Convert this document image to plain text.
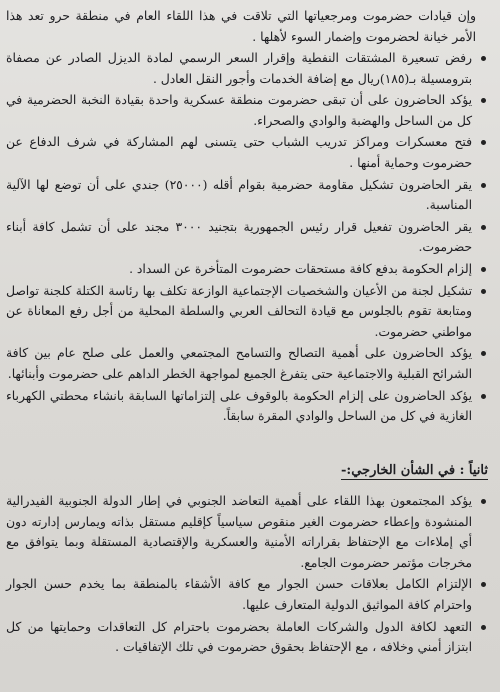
وإن قيادات حضرموت ومرجعياتها التي تلاقت في هذا اللقاء العام في منطقة حرو تعد هذا الأمر خيانة لحضرموت وإضمار السوء لأهلها .
رفض تسعيرة المشتقات النفطية وإقرار السعر الرسمي لمادة الديزل الصادر عن مصفاة بترومسيلة بـ(١٨٥)ريال مع إضافة الخدمات وأجور النقل العادل .
يؤكد الحاضرون على أن تبقى حضرموت منطقة عسكرية واحدة بقيادة النخبة الحضرمية في كل من الساحل والهضبة والوادي والصحراء.
فتح معسكرات ومراكز تدريب الشباب حتى يتسنى لهم المشاركة في شرف الدفاع عن حضرموت وحماية أمنها .
يقر الحاضرون تشكيل مقاومة حضرمية بقوام أقله (٢٥٠٠٠) جندي على أن توضع لها الآلية المناسبة.
يقر الحاضرون تفعيل قرار رئيس الجمهورية بتجنيد ٣٠٠٠ مجند على أن تشمل كافة أبناء حضرموت.
إلزام الحكومة بدفع كافة مستحقات حضرموت المتأخرة عن السداد .
تشكيل لجنة من الأعيان والشخصيات الإجتماعية الوازعة تكلف بها رئاسة الكتلة كلجنة تواصل ومتابعة تقوم بالجلوس مع قيادة التحالف العربي والسلطة المحلية من أجل رفع المعاناة عن مواطني حضرموت.
يؤكد الحاضرون على أهمية التصالح والتسامح المجتمعي والعمل على صلح عام بين كافة الشرائح القبلية والاجتماعية حتى يتفرغ الجميع لمواجهة الخطر الداهم على حضرموت وأبنائها.
يؤكد الحاضرون على إلزام الحكومة بالوقوف على إلتزاماتها السابقة بانشاء محطتي الكهرباء الغازية في كل من الساحل والوادي المقرة سابقاً.
ثانياً : في الشأن الخارجي:-
يؤكد المجتمعون بهذا اللقاء على أهمية التعاضد الجنوبي في إطار الدولة الجنوبية الفيدرالية المنشودة وإعطاء حضرموت الغير منقوص سياسياً كإقليم مستقل بذاته ويمارس إدارته دون أي إملاءات مع الإحتفاظ بقراراته الأمنية والعسكرية والإقتصادية المستقلة وبما يتوافق مع مخرجات مؤتمر حضرموت الجامع.
الإلتزام الكامل بعلاقات حسن الجوار مع كافة الأشقاء بالمنطقة بما يخدم حسن الجوار واحترام كافة المواثيق الدولية المتعارف عليها.
التعهد لكافة الدول والشركات العاملة بحضرموت باحترام كل التعاقدات وحمايتها من كل ابتزاز أمني وخلافه ، مع الإحتفاظ بحقوق حضرموت في تلك الإتفاقيات .
